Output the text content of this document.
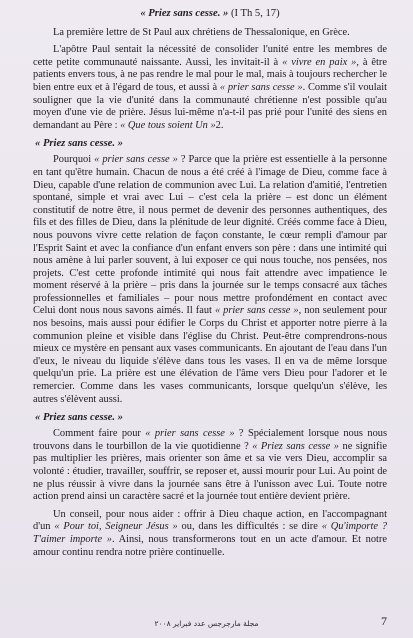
« Priez sans cesse. » (I Th 5, 17)

La première lettre de St Paul aux chrétiens de Thessalonique, en Grèce.

L'apôtre Paul sentait la nécessité de consolider l'unité entre les membres de cette petite communauté naissante. Aussi, les invitait-il à « vivre en paix », à être patients envers tous, à ne pas rendre le mal pour le mal, mais à toujours rechercher le bien entre eux et à l'égard de tous, et aussi à « prier sans cesse ». Comme s'il voulait souligner que la vie d'unité dans la communauté chrétienne n'est possible qu'au moyen d'une vie de prière. Jésus lui-même n'a-t-il pas prié pour l'unité des siens en demandant au Père : « Que tous soient Un »2.

« Priez sans cesse. »

Pourquoi « prier sans cesse » ? Parce que la prière est essentielle à la personne en tant qu'être humain. Chacun de nous a été créé à l'image de Dieu, comme face à Dieu, capable d'une relation de communion avec Lui. La relation d'amitié, l'entretien spontané, simple et vrai avec Lui – c'est cela la prière – est donc un élément constitutif de notre être, il nous permet de devenir des personnes authentiques, des fils et des filles de Dieu, dans la plénitude de leur dignité. Créés comme face à Dieu, nous pouvons vivre cette relation de façon constante, le cœur rempli d'amour par l'Esprit Saint et avec la confiance d'un enfant envers son père : dans une intimité qui nous amène à lui parler souvent, à lui exposer ce qui nous touche, nos pensées, nos projets. C'est cette profonde intimité qui nous fait attendre avec impatience le moment réservé à la prière – pris dans la journée sur le temps consacré aux tâches professionnelles et familiales – pour nous mettre profondément en contact avec Celui dont nous nous savons aimés. Il faut « prier sans cesse », non seulement pour nos besoins, mais aussi pour édifier le Corps du Christ et apporter notre pierre à la communion pleine et visible dans l'église du Christ. Peut-être comprendrons-nous mieux ce mystère en pensant aux vases communicants. En ajoutant de l'eau dans l'un d'eux, le niveau du liquide s'élève dans tous les vases. Il en va de même lorsque quelqu'un prie. La prière est une élévation de l'âme vers Dieu pour l'adorer et le remercier. Comme dans les vases communicants, lorsque quelqu'un s'élève, les autres s'élèvent aussi.

« Priez sans cesse. »

Comment faire pour « prier sans cesse » ? Spécialement lorsque nous nous trouvons dans le tourbillon de la vie quotidienne ? « Priez sans cesse » ne signifie pas multiplier les prières, mais orienter son âme et sa vie vers Dieu, accomplir sa volonté : étudier, travailler, souffrir, se reposer et, aussi mourir pour Lui. Au point de ne plus réussir à vivre dans la journée sans être à l'unisson avec Lui. Toute notre action prend ainsi un caractère sacré et la journée tout entière devient prière.

Un conseil, pour nous aider : offrir à Dieu chaque action, en l'accompagnant d'un « Pour toi, Seigneur Jésus » ou, dans les difficultés : se dire « Qu'importe ? T'aimer importe ». Ainsi, nous transformerons tout en un acte d'amour. Et notre amour continu rendra notre prière continuelle.

مجلة مارجرجس عدد فبراير ٢٠٠٨	7
